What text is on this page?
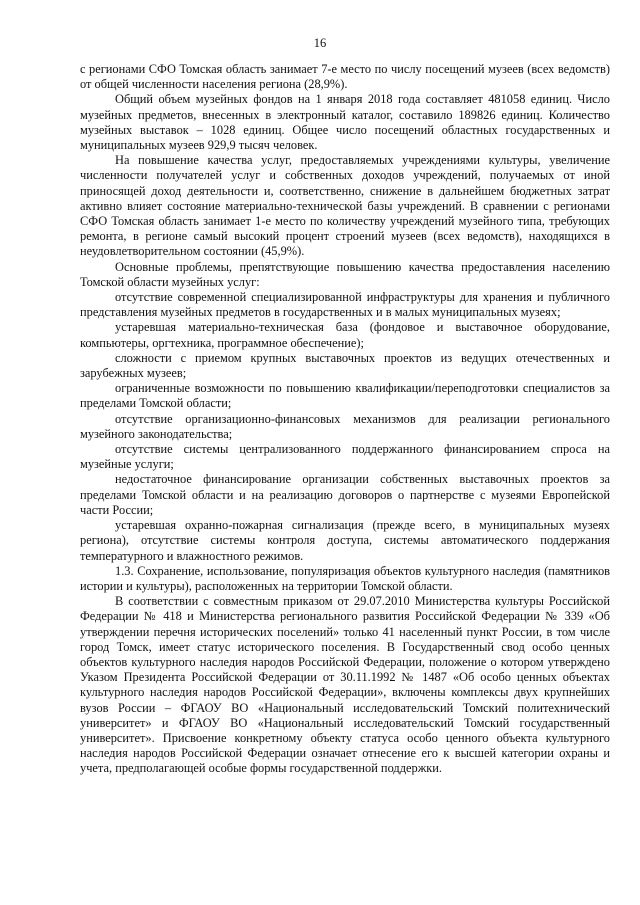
16

с регионами СФО Томская область занимает 7-е место по числу посещений музеев (всех ведомств) от общей численности населения региона (28,9%).

Общий объем музейных фондов на 1 января 2018 года составляет 481058 единиц. Число музейных предметов, внесенных в электронный каталог, составило 189826 единиц. Количество музейных выставок – 1028 единиц. Общее число посещений областных государственных и муниципальных музеев 929,9 тысяч человек.

На повышение качества услуг, предоставляемых учреждениями культуры, увеличение численности получателей услуг и собственных доходов учреждений, получаемых от иной приносящей доход деятельности и, соответственно, снижение в дальнейшем бюджетных затрат активно влияет состояние материально-технической базы учреждений. В сравнении с регионами СФО Томская область занимает 1-е место по количеству учреждений музейного типа, требующих ремонта, в регионе самый высокий процент строений музеев (всех ведомств), находящихся в неудовлетворительном состоянии (45,9%).

Основные проблемы, препятствующие повышению качества предоставления населению Томской области музейных услуг:

отсутствие современной специализированной инфраструктуры для хранения и публичного представления музейных предметов в государственных и в малых муниципальных музеях;

устаревшая материально-техническая база (фондовое и выставочное оборудование, компьютеры, оргтехника, программное обеспечение);

сложности с приемом крупных выставочных проектов из ведущих отечественных и зарубежных музеев;

ограниченные возможности по повышению квалификации/переподготовки специалистов за пределами Томской области;

отсутствие организационно-финансовых механизмов для реализации регионального музейного законодательства;

отсутствие системы централизованного поддержанного финансированием спроса на музейные услуги;

недостаточное финансирование организации собственных выставочных проектов за пределами Томской области и на реализацию договоров о партнерстве с музеями Европейской части России;

устаревшая охранно-пожарная сигнализация (прежде всего, в муниципальных музеях региона), отсутствие системы контроля доступа, системы автоматического поддержания температурного и влажностного режимов.

1.3. Сохранение, использование, популяризация объектов культурного наследия (памятников истории и культуры), расположенных на территории Томской области.

В соответствии с совместным приказом от 29.07.2010 Министерства культуры Российской Федерации № 418 и Министерства регионального развития Российской Федерации № 339 «Об утверждении перечня исторических поселений» только 41 населенный пункт России, в том числе город Томск, имеет статус исторического поселения. В Государственный свод особо ценных объектов культурного наследия народов Российской Федерации, положение о котором утверждено Указом Президента Российской Федерации от 30.11.1992 № 1487 «Об особо ценных объектах культурного наследия народов Российской Федерации», включены комплексы двух крупнейших вузов России – ФГАОУ ВО «Национальный исследовательский Томский политехнический университет» и ФГАОУ ВО «Национальный исследовательский Томский государственный университет». Присвоение конкретному объекту статуса особо ценного объекта культурного наследия народов Российской Федерации означает отнесение его к высшей категории охраны и учета, предполагающей особые формы государственной поддержки.
